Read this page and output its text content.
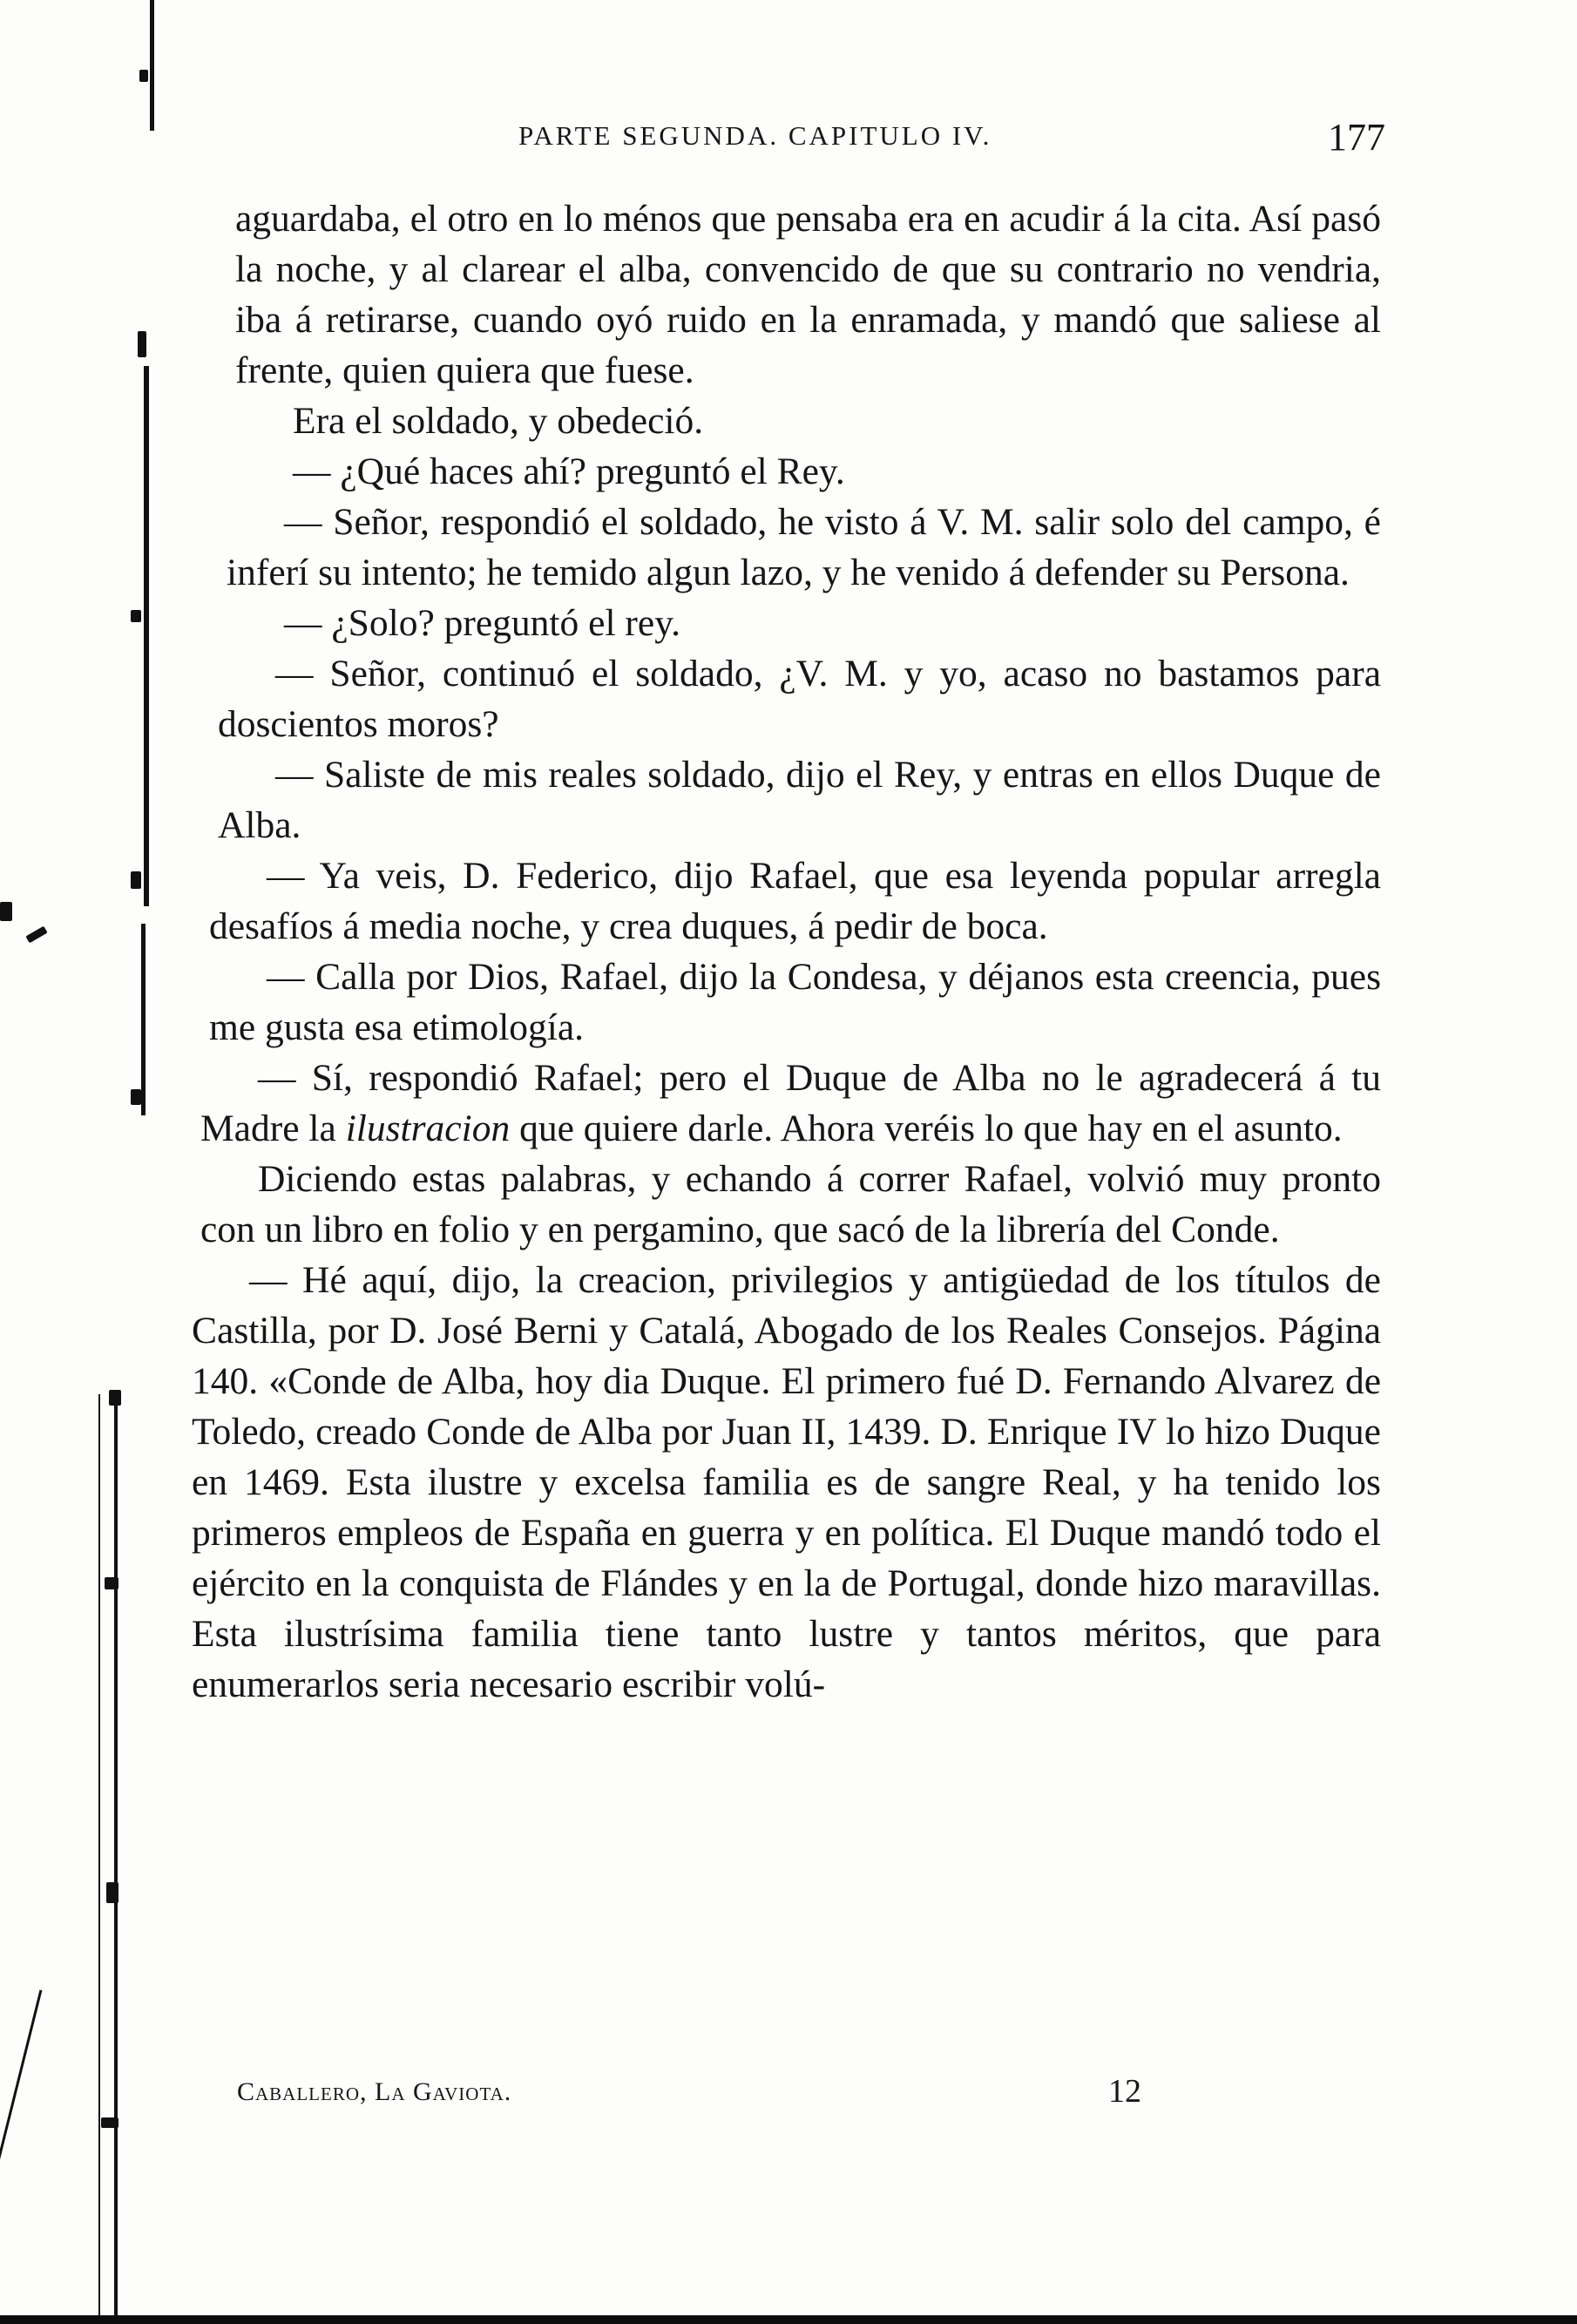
PARTE SEGUNDA. CAPITULO IV.	177

aguardaba, el otro en lo ménos que pensaba era en acudir á la cita. Así pasó la noche, y al clarear el alba, convencido de que su contrario no vendria, iba á retirarse, cuando oyó ruido en la enramada, y mandó que saliese al frente, quien quiera que fuese.

Era el soldado, y obedeció.

— ¿Qué haces ahí? preguntó el Rey.

— Señor, respondió el soldado, he visto á V. M. salir solo del campo, é inferí su intento; he temido algun lazo, y he venido á defender su Persona.

— ¿Solo? preguntó el rey.

— Señor, continuó el soldado, ¿V. M. y yo, acaso no bastamos para doscientos moros?

— Saliste de mis reales soldado, dijo el Rey, y entras en ellos Duque de Alba.

— Ya veis, D. Federico, dijo Rafael, que esa leyenda popular arregla desafíos á media noche, y crea duques, á pedir de boca.

— Calla por Dios, Rafael, dijo la Condesa, y déjanos esta creencia, pues me gusta esa etimología.

— Sí, respondió Rafael; pero el Duque de Alba no le agradecerá á tu Madre la ilustracion que quiere darle. Ahora veréis lo que hay en el asunto.

Diciendo estas palabras, y echando á correr Rafael, volvió muy pronto con un libro en folio y en pergamino, que sacó de la librería del Conde.

— Hé aquí, dijo, la creacion, privilegios y antigüedad de los títulos de Castilla, por D. José Berni y Catalá, Abogado de los Reales Consejos. Página 140. «Conde de Alba, hoy dia Duque. El primero fué D. Fernando Alvarez de Toledo, creado Conde de Alba por Juan II, 1439. D. Enrique IV lo hizo Duque en 1469. Esta ilustre y excelsa familia es de sangre Real, y ha tenido los primeros empleos de España en guerra y en política. El Duque mandó todo el ejército en la conquista de Flándes y en la de Portugal, donde hizo maravillas. Esta ilustrísima familia tiene tanto lustre y tantos méritos, que para enumerarlos seria necesario escribir volú-

Caballero, La Gaviota.	12
